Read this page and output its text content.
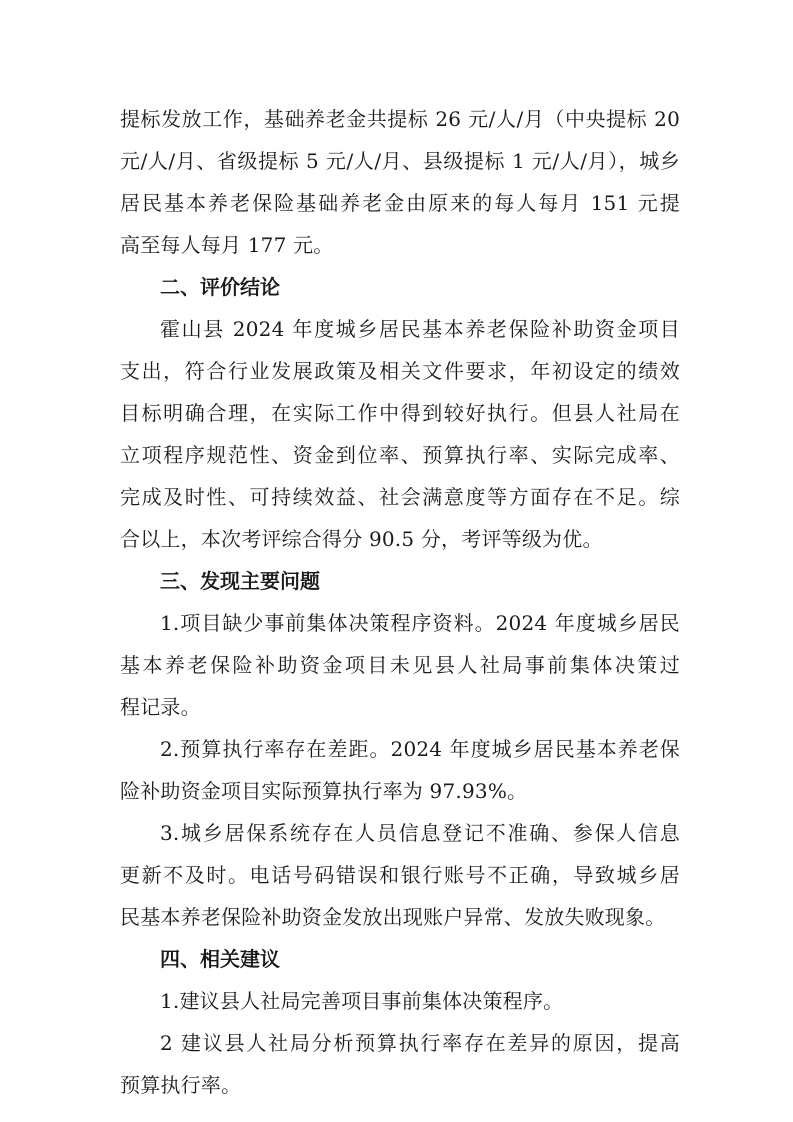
提标发放工作，基础养老金共提标 26 元/人/月（中央提标 20
元/人/月、省级提标 5 元/人/月、县级提标 1 元/人/月），城乡
居民基本养老保险基础养老金由原来的每人每月 151 元提
高至每人每月 177 元。
二、评价结论
霍山县 2024 年度城乡居民基本养老保险补助资金项目
支出，符合行业发展政策及相关文件要求，年初设定的绩效
目标明确合理，在实际工作中得到较好执行。但县人社局在
立项程序规范性、资金到位率、预算执行率、实际完成率、
完成及时性、可持续效益、社会满意度等方面存在不足。综
合以上，本次考评综合得分 90.5 分，考评等级为优。
三、发现主要问题
1.项目缺少事前集体决策程序资料。2024 年度城乡居民
基本养老保险补助资金项目未见县人社局事前集体决策过
程记录。
2.预算执行率存在差距。2024 年度城乡居民基本养老保
险补助资金项目实际预算执行率为 97.93%。
3.城乡居保系统存在人员信息登记不准确、参保人信息
更新不及时。电话号码错误和银行账号不正确，导致城乡居
民基本养老保险补助资金发放出现账户异常、发放失败现象。
四、相关建议
1.建议县人社局完善项目事前集体决策程序。
2 建议县人社局分析预算执行率存在差异的原因，提高
预算执行率。
